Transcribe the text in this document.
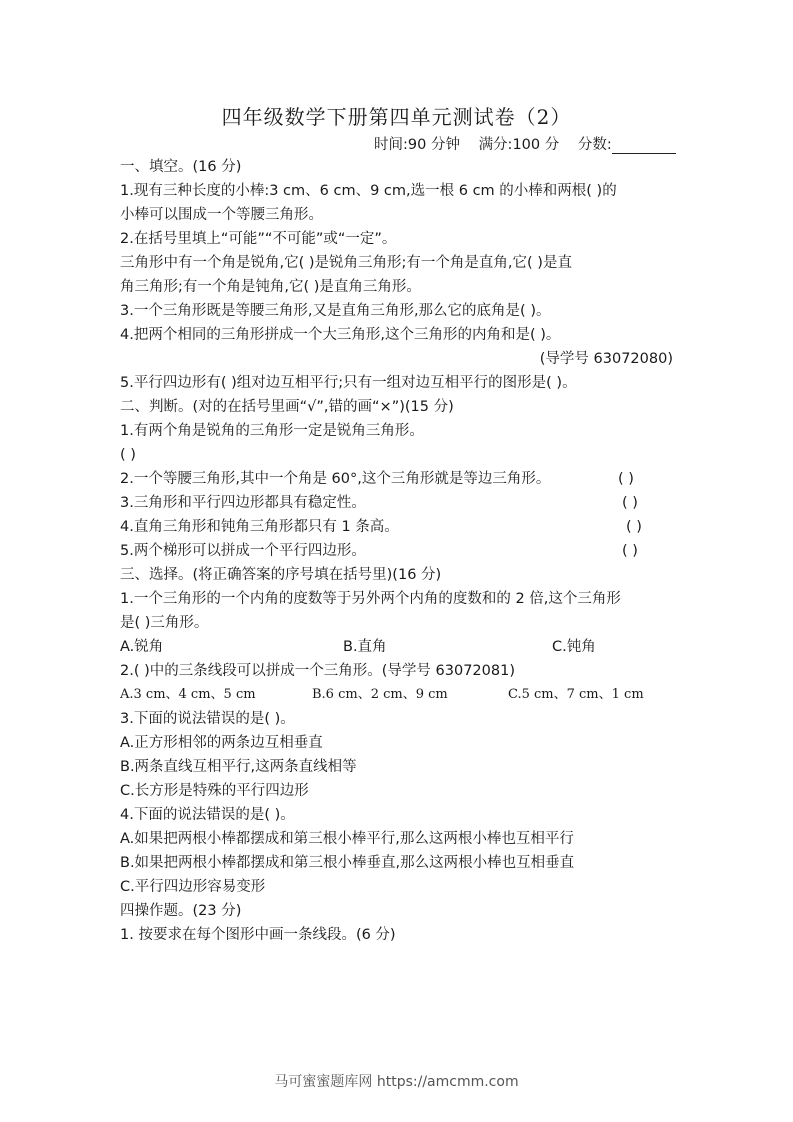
四年级数学下册第四单元测试卷（2）
时间:90 分钟 满分:100 分 分数:
一、填空。(16 分)
1.现有三种长度的小棒:3 cm、6 cm、9 cm,选一根 6 cm 的小棒和两根( )的
小棒可以围成一个等腰三角形。
2.在括号里填上“可能”“不可能”或“一定”。
三角形中有一个角是锐角,它( )是锐角三角形;有一个角是直角,它( )是直
角三角形;有一个角是钝角,它( )是直角三角形。
3.一个三角形既是等腰三角形,又是直角三角形,那么它的底角是( )。
4.把两个相同的三角形拼成一个大三角形,这个三角形的内角和是( )。
(导学号 63072080)
5.平行四边形有( )组对边互相平行;只有一组对边互相平行的图形是( )。
二、判断。(对的在括号里画“√”,错的画“×”)(15 分)
1.有两个角是锐角的三角形一定是锐角三角形。
( )
2.一个等腰三角形,其中一个角是 60°,这个三角形就是等边三角形。	( )
3.三角形和平行四边形都具有稳定性。	( )
4.直角三角形和钝角三角形都只有 1 条高。	( )
5.两个梯形可以拼成一个平行四边形。	( )
三、选择。(将正确答案的序号填在括号里)(16 分)
1.一个三角形的一个内角的度数等于另外两个内角的度数和的 2 倍,这个三角形
是( )三角形。
A.锐角	B.直角	C.钝角
2.( )中的三条线段可以拼成一个三角形。(导学号 63072081)
A.3 cm、4 cm、5 cm	B.6 cm、2 cm、9 cm	C.5 cm、7 cm、1 cm
3.下面的说法错误的是( )。
A.正方形相邻的两条边互相垂直
B.两条直线互相平行,这两条直线相等
C.长方形是特殊的平行四边形
4.下面的说法错误的是( )。
A.如果把两根小棒都摆成和第三根小棒平行,那么这两根小棒也互相平行
B.如果把两根小棒都摆成和第三根小棒垂直,那么这两根小棒也互相垂直
C.平行四边形容易变形
四操作题。(23 分)
1. 按要求在每个图形中画一条线段。(6 分)
马可蜜蜜题库网 https://amcmm.com
